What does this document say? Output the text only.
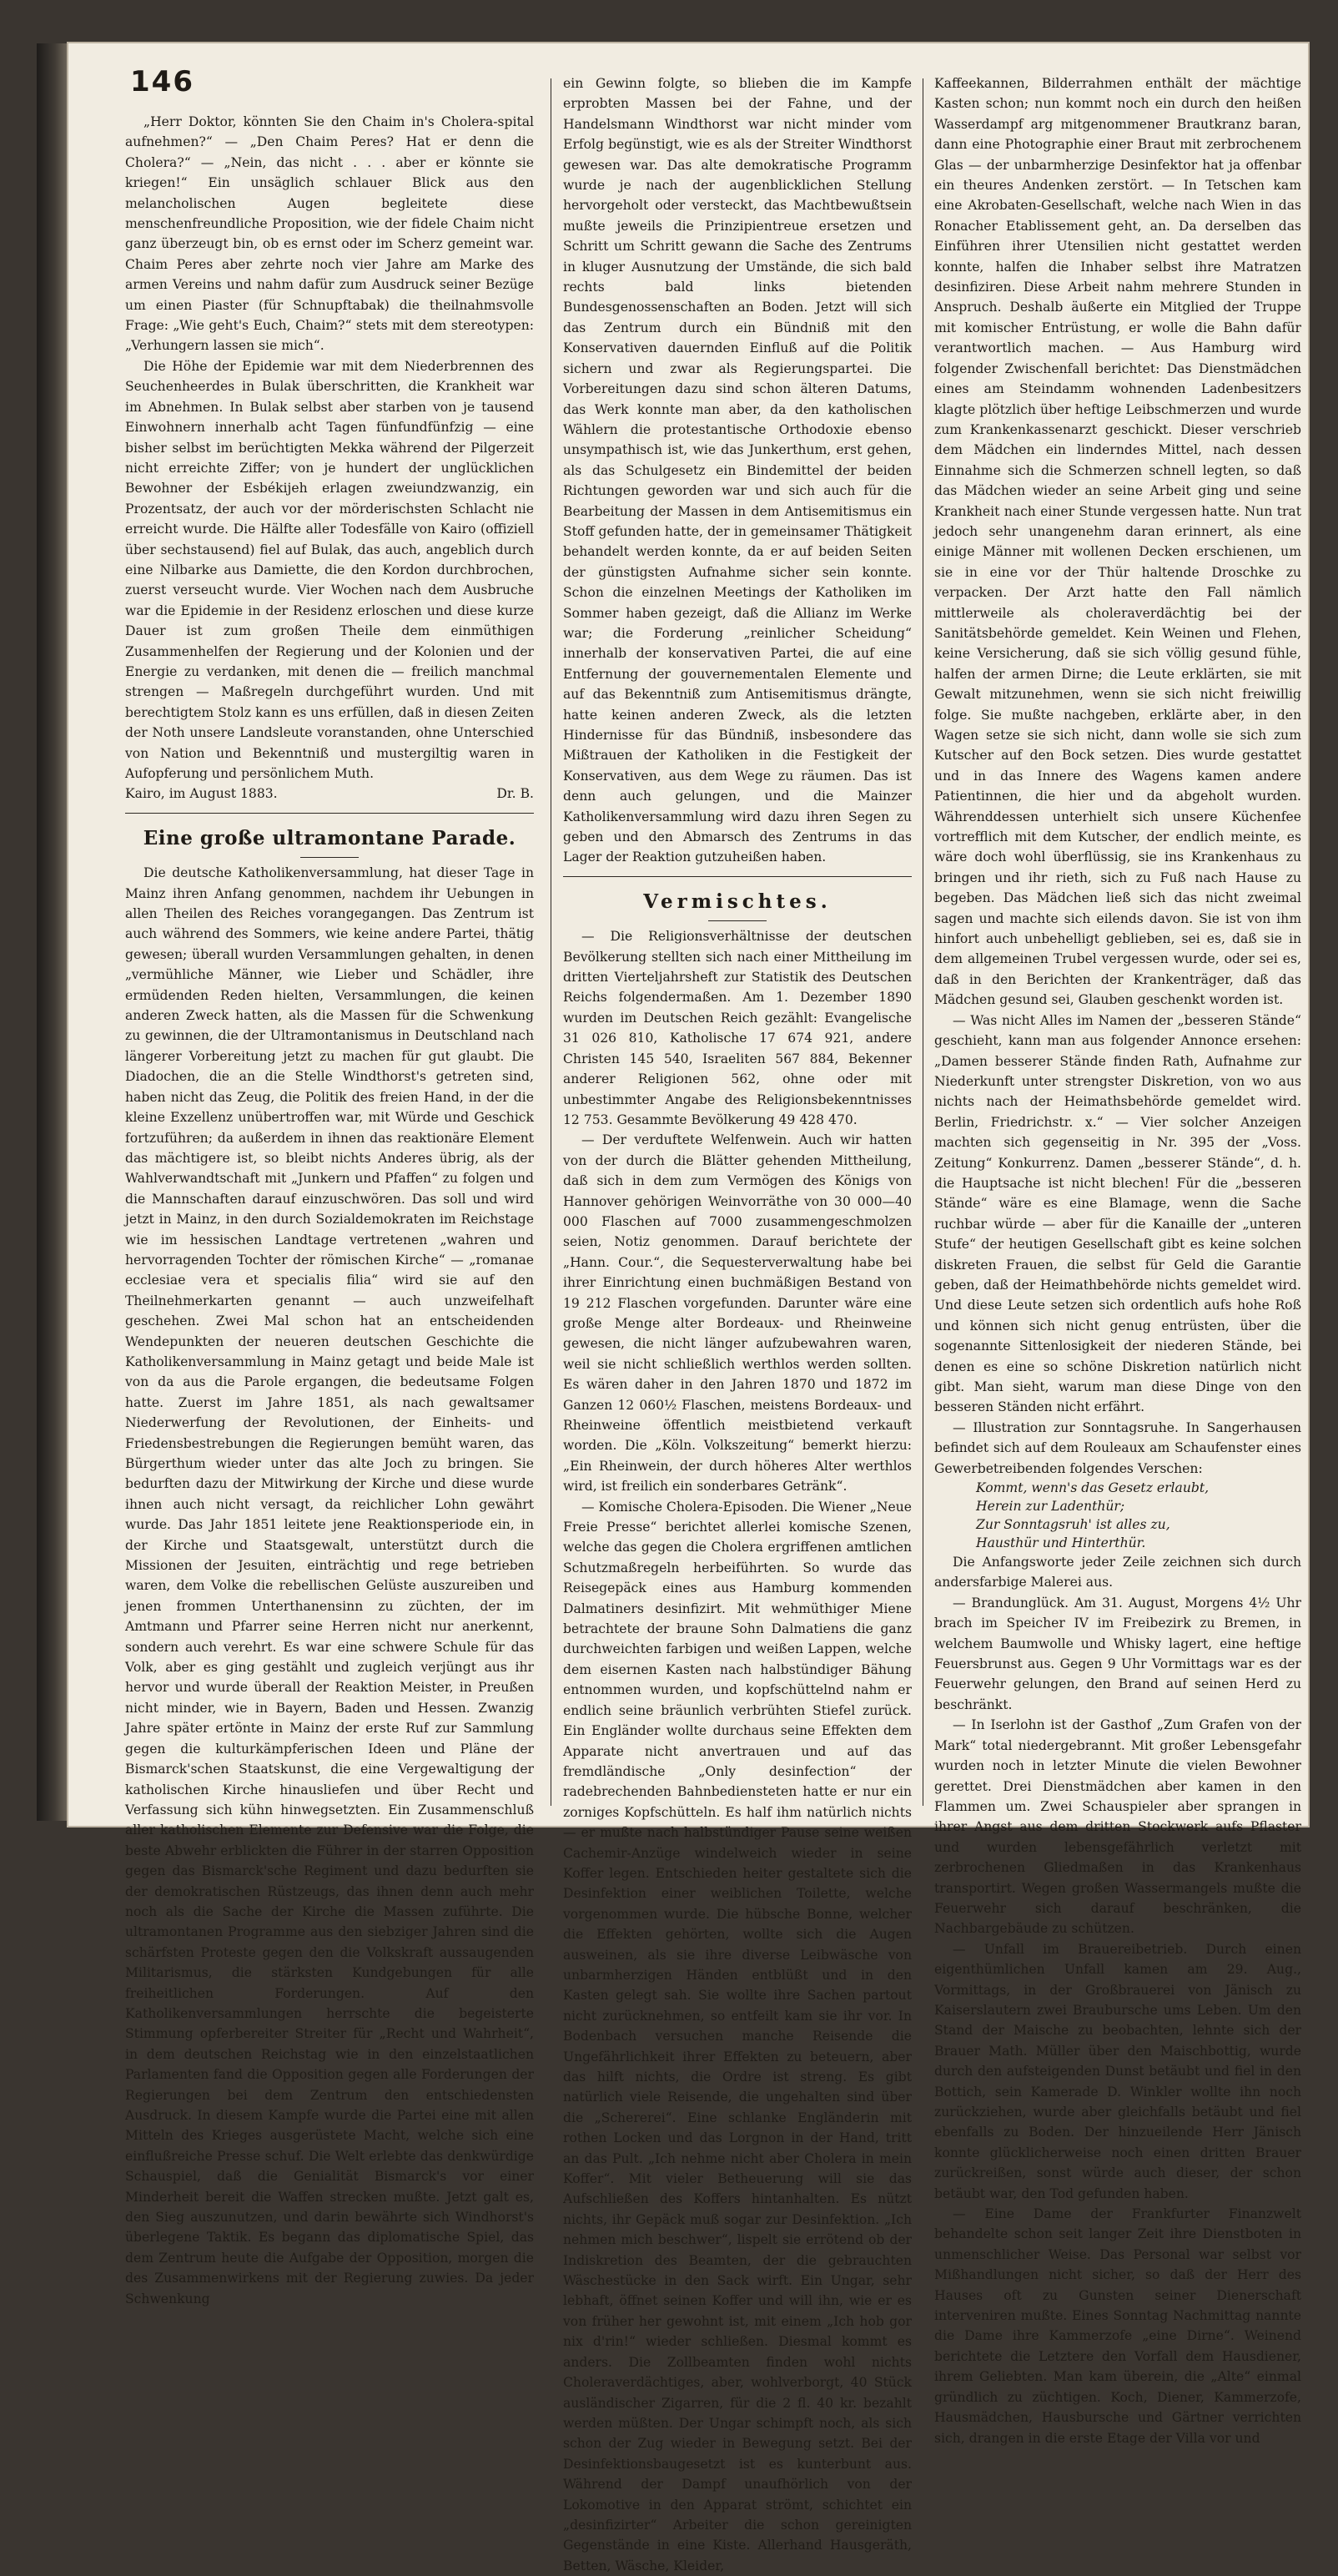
146

„Herr Doktor, könnten Sie den Chaim in's Cholera-spital aufnehmen?“ — „Den Chaim Peres? Hat er denn die Cholera?“ — „Nein, das nicht . . . aber er könnte sie kriegen!“ Ein unsäglich schlauer Blick aus den melancholischen Augen begleitete diese menschenfreundliche Proposition, wie der fidele Chaim nicht ganz überzeugt bin, ob es ernst oder im Scherz gemeint war. Chaim Peres aber zehrte noch vier Jahre am Marke des armen Vereins und nahm dafür zum Ausdruck seiner Bezüge um einen Piaster (für Schnupftabak) die theilnahmsvolle Frage: „Wie geht's Euch, Chaim?“ stets mit dem stereotypen: „Verhungern lassen sie mich“.

Die Höhe der Epidemie war mit dem Niederbrennen des Seuchenheerdes in Bulak überschritten, die Krankheit war im Abnehmen. In Bulak selbst aber starben von je tausend Einwohnern innerhalb acht Tagen fünfundfünfzig — eine bisher selbst im berüchtigten Mekka während der Pilgerzeit nicht erreichte Ziffer; von je hundert der unglücklichen Bewohner der Esbékijeh erlagen zweiundzwanzig, ein Prozentsatz, der auch vor der mörderischsten Schlacht nie erreicht wurde. Die Hälfte aller Todesfälle von Kairo (offiziell über sechstausend) fiel auf Bulak, das auch, angeblich durch eine Nilbarke aus Damiette, die den Kordon durchbrochen, zuerst verseucht wurde. Vier Wochen nach dem Ausbruche war die Epidemie in der Residenz erloschen und diese kurze Dauer ist zum großen Theile dem einmüthigen Zusammenhelfen der Regierung und der Kolonien und der Energie zu verdanken, mit denen die — freilich manchmal strengen — Maßregeln durchgeführt wurden. Und mit berechtigtem Stolz kann es uns erfüllen, daß in diesen Zeiten der Noth unsere Landsleute voranstanden, ohne Unterschied von Nation und Bekenntniß und mustergiltig waren in Aufopferung und persönlichem Muth.

Kairo, im August 1883.	Dr. B.
Eine große ultramontane Parade.

Die deutsche Katholikenversammlung, hat dieser Tage in Mainz ihren Anfang genommen, nachdem ihr Uebungen in allen Theilen des Reiches vorangegangen. Das Zentrum ist auch während des Sommers, wie keine andere Partei, thätig gewesen; überall wurden Versammlungen gehalten, in denen „vermühliche Männer, wie Lieber und Schädler, ihre ermüdenden Reden hielten, Versammlungen, die keinen anderen Zweck hatten, als die Massen für die Schwenkung zu gewinnen, die der Ultramontanismus in Deutschland nach längerer Vorbereitung jetzt zu machen für gut glaubt. Die Diadochen, die an die Stelle Windthorst's getreten sind, haben nicht das Zeug, die Politik des freien Hand, in der die kleine Exzellenz unübertroffen war, mit Würde und Geschick fortzuführen; da außerdem in ihnen das reaktionäre Element das mächtigere ist, so bleibt nichts Anderes übrig, als der Wahlverwandtschaft mit „Junkern und Pfaffen“ zu folgen und die Mannschaften darauf einzuschwören. Das soll und wird jetzt in Mainz, in den durch Sozialdemokraten im Reichstage wie im hessischen Landtage vertretenen „wahren und hervorragenden Tochter der römischen Kirche“ — „romanae ecclesiae vera et specialis filia“ wird sie auf den Theilnehmerkarten genannt — auch unzweifelhaft geschehen. Zwei Mal schon hat an entscheidenden Wendepunkten der neueren deutschen Geschichte die Katholikenversammlung in Mainz getagt und beide Male ist von da aus die Parole ergangen, die bedeutsame Folgen hatte. Zuerst im Jahre 1851, als nach gewaltsamer Niederwerfung der Revolutionen, der Einheits- und Friedensbestrebungen die Regierungen bemüht waren, das Bürgerthum wieder unter das alte Joch zu bringen. Sie bedurften dazu der Mitwirkung der Kirche und diese wurde ihnen auch nicht versagt, da reichlicher Lohn gewährt wurde. Das Jahr 1851 leitete jene Reaktionsperiode ein, in der Kirche und Staatsgewalt, unterstützt durch die Missionen der Jesuiten, einträchtig und rege betrieben waren, dem Volke die rebellischen Gelüste auszureiben und jenen frommen Unterthanensinn zu züchten, der im Amtmann und Pfarrer seine Herren nicht nur anerkennt, sondern auch verehrt. Es war eine schwere Schule für das Volk, aber es ging gestählt und zugleich verjüngt aus ihr hervor und wurde überall der Reaktion Meister, in Preußen nicht minder, wie in Bayern, Baden und Hessen. Zwanzig Jahre später ertönte in Mainz der erste Ruf zur Sammlung gegen die kulturkämpferischen Ideen und Pläne der Bismarck'schen Staatskunst, die eine Vergewaltigung der katholischen Kirche hinausliefen und über Recht und Verfassung sich kühn hinwegsetzten. Ein Zusammenschluß aller katholischen Elemente zur Defensive war die Folge, die beste Abwehr erblickten die Führer in der starren Opposition gegen das Bismarck'sche Regiment und dazu bedurften sie der demokratischen Rüstzeugs, das ihnen denn auch mehr noch als die Sache der Kirche die Massen zuführte. Die ultramontanen Programme aus den siebziger Jahren sind die schärfsten Proteste gegen den die Volkskraft aussaugenden Militarismus, die stärksten Kundgebungen für alle freiheitlichen Forderungen. Auf den Katholikenversammlungen herrschte die begeisterte Stimmung opferbereiter Streiter für „Recht und Wahrheit“, in dem deutschen Reichstag wie in den einzelstaatlichen Parlamenten fand die Opposition gegen alle Forderungen der Regierungen bei dem Zentrum den entschiedensten Ausdruck. In diesem Kampfe wurde die Partei eine mit allen Mitteln des Krieges ausgerüstete Macht, welche sich eine einflußreiche Presse schuf. Die Welt erlebte das denkwürdige Schauspiel, daß die Genialität Bismarck's vor einer Minderheit bereit die Waffen strecken mußte. Jetzt galt es, den Sieg auszunutzen, und darin bewährte sich Windhorst's überlegene Taktik. Es begann das diplomatische Spiel, das dem Zentrum heute die Aufgabe der Opposition, morgen die des Zusammenwirkens mit der Regierung zuwies. Da jeder Schwenkung

ein Gewinn folgte, so blieben die im Kampfe erprobten Massen bei der Fahne, und der Handelsmann Windthorst war nicht minder vom Erfolg begünstigt, wie es als der Streiter Windthorst gewesen war. Das alte demokratische Programm wurde je nach der augenblicklichen Stellung hervorgeholt oder versteckt, das Machtbewußtsein mußte jeweils die Prinzipientreue ersetzen und Schritt um Schritt gewann die Sache des Zentrums in kluger Ausnutzung der Umstände, die sich bald rechts bald links bietenden Bundesgenossenschaften an Boden. Jetzt will sich das Zentrum durch ein Bündniß mit den Konservativen dauernden Einfluß auf die Politik sichern und zwar als Regierungspartei. Die Vorbereitungen dazu sind schon älteren Datums, das Werk konnte man aber, da den katholischen Wählern die protestantische Orthodoxie ebenso unsympathisch ist, wie das Junkerthum, erst gehen, als das Schulgesetz ein Bindemittel der beiden Richtungen geworden war und sich auch für die Bearbeitung der Massen in dem Antisemitismus ein Stoff gefunden hatte, der in gemeinsamer Thätigkeit behandelt werden konnte, da er auf beiden Seiten der günstigsten Aufnahme sicher sein konnte. Schon die einzelnen Meetings der Katholiken im Sommer haben gezeigt, daß die Allianz im Werke war; die Forderung „reinlicher Scheidung“ innerhalb der konservativen Partei, die auf eine Entfernung der gouvernementalen Elemente und auf das Bekenntniß zum Antisemitismus drängte, hatte keinen anderen Zweck, als die letzten Hindernisse für das Bündniß, insbesondere das Mißtrauen der Katholiken in die Festigkeit der Konservativen, aus dem Wege zu räumen. Das ist denn auch gelungen, und die Mainzer Katholikenversammlung wird dazu ihren Segen zu geben und den Abmarsch des Zentrums in das Lager der Reaktion gutzuheißen haben.

Vermischtes.

— Die Religionsverhältnisse der deutschen Bevölkerung stellten sich nach einer Mittheilung im dritten Vierteljahrsheft zur Statistik des Deutschen Reichs folgendermaßen. Am 1. Dezember 1890 wurden im Deutschen Reich gezählt: Evangelische 31 026 810, Katholische 17 674 921, andere Christen 145 540, Israeliten 567 884, Bekenner anderer Religionen 562, ohne oder mit unbestimmter Angabe des Religionsbekenntnisses 12 753. Gesammte Bevölkerung 49 428 470.

— Der verduftete Welfenwein. Auch wir hatten von der durch die Blätter gehenden Mittheilung, daß sich in dem zum Vermögen des Königs von Hannover gehörigen Weinvorräthe von 30 000—40 000 Flaschen auf 7000 zusammengeschmolzen seien, Notiz genommen. Darauf berichtete der „Hann. Cour.“, die Sequesterverwaltung habe bei ihrer Einrichtung einen buchmäßigen Bestand von 19 212 Flaschen vorgefunden. Darunter wäre eine große Menge alter Bordeaux- und Rheinweine gewesen, die nicht länger aufzubewahren waren, weil sie nicht schließlich werthlos werden sollten. Es wären daher in den Jahren 1870 und 1872 im Ganzen 12 060½ Flaschen, meistens Bordeaux- und Rheinweine öffentlich meistbietend verkauft worden. Die „Köln. Volkszeitung“ bemerkt hierzu: „Ein Rheinwein, der durch höheres Alter werthlos wird, ist freilich ein sonderbares Getränk“.

— Komische Cholera-Episoden. Die Wiener „Neue Freie Presse“ berichtet allerlei komische Szenen, welche das gegen die Cholera ergriffenen amtlichen Schutzmaßregeln herbeiführten. So wurde das Reisegepäck eines aus Hamburg kommenden Dalmatiners desinfizirt. Mit wehmüthiger Miene betrachtete der braune Sohn Dalmatiens die ganz durchweichten farbigen und weißen Lappen, welche dem eisernen Kasten nach halbstündiger Bähung entnommen wurden, und kopfschüttelnd nahm er endlich seine bräunlich verbrühten Stiefel zurück. Ein Engländer wollte durchaus seine Effekten dem Apparate nicht anvertrauen und auf das fremdländische „Only desinfection“ der radebrechenden Bahnbediensteten hatte er nur ein zorniges Kopfschütteln. Es half ihm natürlich nichts — er mußte nach halbstündiger Pause seine weißen Cachemir-Anzüge windelweich wieder in seine Koffer legen. Entschieden heiter gestaltete sich die Desinfektion einer weiblichen Toilette, welche vorgenommen wurde. Die hübsche Bonne, welcher die Effekten gehörten, wollte sich die Augen ausweinen, als sie ihre diverse Leibwäsche von unbarmherzigen Händen entblüßt und in den Kasten gelegt sah. Sie wollte ihre Sachen partout nicht zurücknehmen, so entfeilt kam sie ihr vor. In Bodenbach versuchen manche Reisende die Ungefährlichkeit ihrer Effekten zu beteuern, aber das hilft nichts, die Ordre ist streng. Es gibt natürlich viele Reisende, die ungehalten sind über die „Schererei“. Eine schlanke Engländerin mit rothen Locken und das Lorgnon in der Hand, tritt an das Pult. „Ich nehme nicht aber Cholera in mein Koffer“. Mit vieler Betheuerung will sie das Aufschließen des Koffers hintanhalten. Es nützt nichts, ihr Gepäck muß sogar zur Desinfektion. „Ich nehmen mich beschwer“, lispelt sie errötend ob der Indiskretion des Beamten, der die gebrauchten Wäschestücke in den Sack wirft. Ein Ungar, sehr lebhaft, öffnet seinen Koffer und will ihn, wie er es von früher her gewohnt ist, mit einem „Ich hob gor nix d'rin!“ wieder schließen. Diesmal kommt es anders. Die Zollbeamten finden wohl nichts Choleraverdächtiges, aber, wohlverborgt, 40 Stück ausländischer Zigarren, für die 2 fl. 40 kr. bezahlt werden müßten. Der Ungar schimpft noch, als sich schon der Zug wieder in Bewegung setzt. Bei der Desinfektionsbaugesetzt ist es kunterbunt aus. Während der Dampf unaufhörlich von der Lokomotive in den Apparat strömt, schichtet ein „desinfizirter“ Arbeiter die schon gereinigten Gegenstände in eine Kiste. Allerhand Hausgeräth, Betten, Wäsche, Kleider,

Kaffeekannen, Bilderrahmen enthält der mächtige Kasten schon; nun kommt noch ein durch den heißen Wasserdampf arg mitgenommener Brautkranz baran, dann eine Photographie einer Braut mit zerbrochenem Glas — der unbarmherzige Desinfektor hat ja offenbar ein theures Andenken zerstört. — In Tetschen kam eine Akrobaten-Gesellschaft, welche nach Wien in das Ronacher Etablissement geht, an. Da derselben das Einführen ihrer Utensilien nicht gestattet werden konnte, halfen die Inhaber selbst ihre Matratzen desinfiziren. Diese Arbeit nahm mehrere Stunden in Anspruch. Deshalb äußerte ein Mitglied der Truppe mit komischer Entrüstung, er wolle die Bahn dafür verantwortlich machen. — Aus Hamburg wird folgender Zwischenfall berichtet: Das Dienstmädchen eines am Steindamm wohnenden Ladenbesitzers klagte plötzlich über heftige Leibschmerzen und wurde zum Krankenkassenarzt geschickt. Dieser verschrieb dem Mädchen ein linderndes Mittel, nach dessen Einnahme sich die Schmerzen schnell legten, so daß das Mädchen wieder an seine Arbeit ging und seine Krankheit nach einer Stunde vergessen hatte. Nun trat jedoch sehr unangenehm daran erinnert, als eine einige Männer mit wollenen Decken erschienen, um sie in eine vor der Thür haltende Droschke zu verpacken. Der Arzt hatte den Fall nämlich mittlerweile als choleraverdächtig bei der Sanitätsbehörde gemeldet. Kein Weinen und Flehen, keine Versicherung, daß sie sich völlig gesund fühle, halfen der armen Dirne; die Leute erklärten, sie mit Gewalt mitzunehmen, wenn sie sich nicht freiwillig folge. Sie mußte nachgeben, erklärte aber, in den Wagen setze sie sich nicht, dann wolle sie sich zum Kutscher auf den Bock setzen. Dies wurde gestattet und in das Innere des Wagens kamen andere Patientinnen, die hier und da abgeholt wurden. Währenddessen unterhielt sich unsere Küchenfee vortrefflich mit dem Kutscher, der endlich meinte, es wäre doch wohl überflüssig, sie ins Krankenhaus zu bringen und ihr rieth, sich zu Fuß nach Hause zu begeben. Das Mädchen ließ sich das nicht zweimal sagen und machte sich eilends davon. Sie ist von ihm hinfort auch unbehelligt geblieben, sei es, daß sie in dem allgemeinen Trubel vergessen wurde, oder sei es, daß in den Berichten der Krankenträger, daß das Mädchen gesund sei, Glauben geschenkt worden ist.

— Was nicht Alles im Namen der „besseren Stände“ geschieht, kann man aus folgender Annonce ersehen: „Damen besserer Stände finden Rath, Aufnahme zur Niederkunft unter strengster Diskretion, von wo aus nichts nach der Heimathsbehörde gemeldet wird. Berlin, Friedrichstr. x.“ — Vier solcher Anzeigen machten sich gegenseitig in Nr. 395 der „Voss. Zeitung“ Konkurrenz. Damen „besserer Stände“, d. h. die Hauptsache ist nicht blechen! Für die „besseren Stände“ wäre es eine Blamage, wenn die Sache ruchbar würde — aber für die Kanaille der „unteren Stufe“ der heutigen Gesellschaft gibt es keine solchen diskreten Frauen, die selbst für Geld die Garantie geben, daß der Heimathbehörde nichts gemeldet wird. Und diese Leute setzen sich ordentlich aufs hohe Roß und können sich nicht genug entrüsten, über die sogenannte Sittenlosigkeit der niederen Stände, bei denen es eine so schöne Diskretion natürlich nicht gibt. Man sieht, warum man diese Dinge von den besseren Ständen nicht erfährt.

— Illustration zur Sonntagsruhe. In Sangerhausen befindet sich auf dem Rouleaux am Schaufenster eines Gewerbetreibenden folgendes Verschen:

Kommt, wenn's das Gesetz erlaubt,

Herein zur Ladenthür;

Zur Sonntagsruh' ist alles zu,

Hausthür und Hinterthür.

Die Anfangsworte jeder Zeile zeichnen sich durch andersfarbige Malerei aus.

— Brandunglück. Am 31. August, Morgens 4½ Uhr brach im Speicher IV im Freibezirk zu Bremen, in welchem Baumwolle und Whisky lagert, eine heftige Feuersbrunst aus. Gegen 9 Uhr Vormittags war es der Feuerwehr gelungen, den Brand auf seinen Herd zu beschränkt.

— In Iserlohn ist der Gasthof „Zum Grafen von der Mark“ total niedergebrannt. Mit großer Lebensgefahr wurden noch in letzter Minute die vielen Bewohner gerettet. Drei Dienstmädchen aber kamen in den Flammen um. Zwei Schauspieler aber sprangen in ihrer Angst aus dem dritten Stockwerk aufs Pflaster und wurden lebensgefährlich verletzt mit zerbrochenen Gliedmaßen in das Krankenhaus transportirt. Wegen großen Wassermangels mußte die Feuerwehr sich darauf beschränken, die Nachbargebäude zu schützen.

— Unfall im Brauereibetrieb. Durch einen eigenthümlichen Unfall kamen am 29. Aug., Vormittags, in der Großbrauerei von Jänisch zu Kaiserslautern zwei Braubursche ums Leben. Um den Stand der Maische zu beobachten, lehnte sich der Brauer Math. Müller über den Maischbottig, wurde durch den aufsteigenden Dunst betäubt und fiel in den Bottich, sein Kamerade D. Winkler wollte ihn noch zurückziehen, wurde aber gleichfalls betäubt und fiel ebenfalls zu Boden. Der hinzueilende Herr Jänisch konnte glücklicherweise noch einen dritten Brauer zurückreißen, sonst würde auch dieser, der schon betäubt war, den Tod gefunden haben.

— Eine Dame der Frankfurter Finanzwelt behandelte schon seit langer Zeit ihre Dienstboten in unmenschlicher Weise. Das Personal war selbst vor Mißhandlungen nicht sicher, so daß der Herr des Hauses oft zu Gunsten seiner Dienerschaft interveniren mußte. Eines Sonntag Nachmittag nannte die Dame ihre Kammerzofe „eine Dirne“. Weinend berichtete die Letztere den Vorfall dem Hausdiener, ihrem Geliebten. Man kam überein, die „Alte“ einmal gründlich zu züchtigen. Koch, Diener, Kammerzofe, Hausmädchen, Hausbursche und Gärtner verrichten sich, drangen in die erste Etage der Villa vor und
